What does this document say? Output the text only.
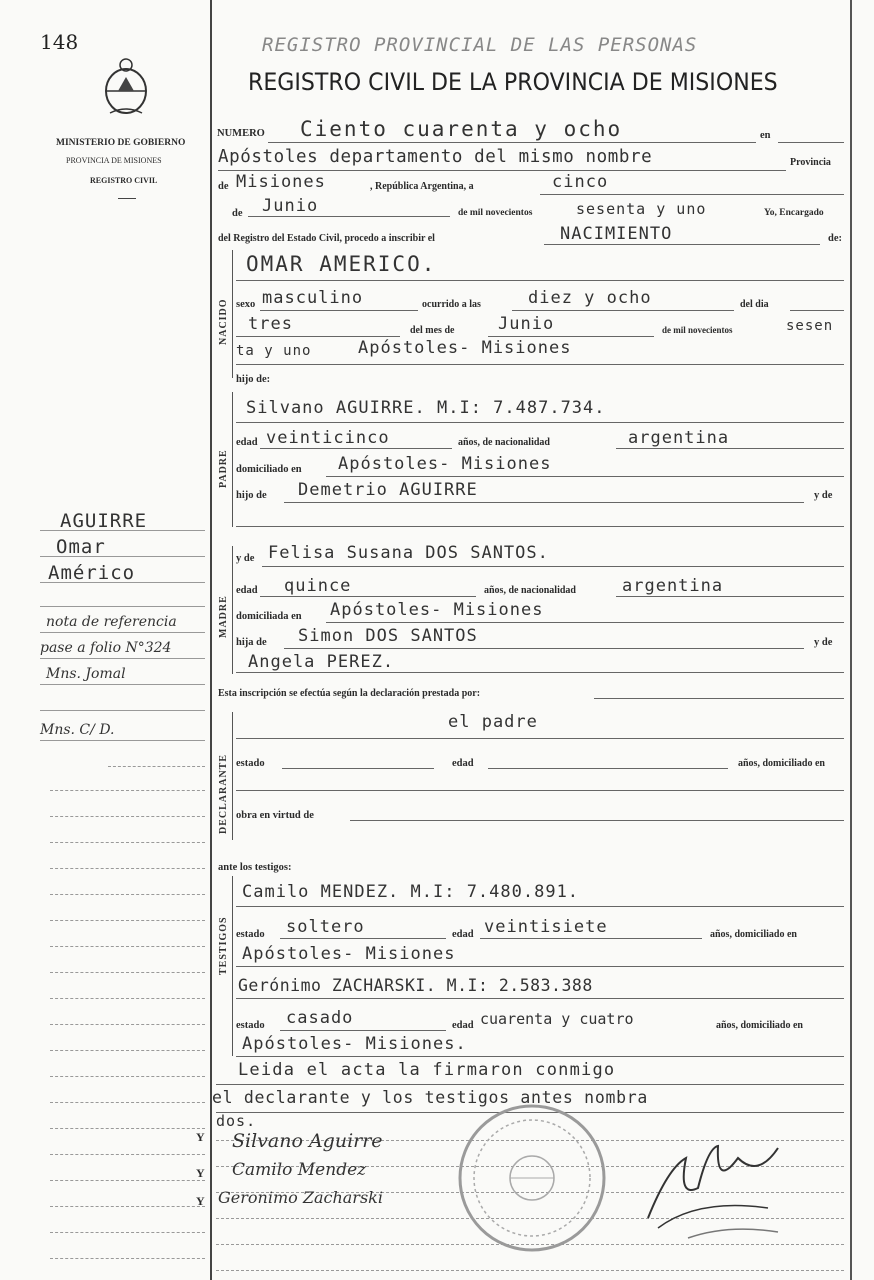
148
MINISTERIO DE GOBIERNO
PROVINCIA DE MISIONES
REGISTRO CIVIL
REGISTRO PROVINCIAL DE LAS PERSONAS
REGISTRO CIVIL DE LA PROVINCIA DE MISIONES
NUMERO Ciento cuarenta y ocho	en
Apóstoles departamento del mismo nombre	Provincia
de Misiones	, República Argentina, a	cinco
de Junio	de mil novecientos	sesenta y uno	Yo, Encargado
del Registro del Estado Civil, procedo a inscribir el	NACIMIENTO	de:
NACIDO
OMAR AMERICO.
sexo masculino	ocurrido a las	diez y ocho	del dia
tres	del mes de	Junio	de mil novecientos	sesen
ta y uno	Apóstoles- Misiones
hijo de:
PADRE
Silvano AGUIRRE. M.I: 7.487.734.
edad veinticinco	años, de nacionalidad	argentina
domiciliado en Apóstoles- Misiones
hijo de Demetrio AGUIRRE	y de
MADRE
y de Felisa Susana DOS SANTOS.
edad quince	años, de nacionalidad	argentina
domiciliada en Apóstoles- Misiones
hija de Simon DOS SANTOS	y de
Angela PEREZ.
Esta inscripción se efectúa según la declaración prestada por:
DECLARANTE
el padre
estado	edad	años, domiciliado en
obra en virtud de
ante los testigos:
TESTIGOS
Camilo MENDEZ. M.I: 7.480.891.
estado soltero	edad veintisiete	años, domiciliado en
Apóstoles- Misiones
Gerónimo ZACHARSKI. M.I: 2.583.388
estado casado	edad cuarenta y cuatro	años, domiciliado en
Apóstoles- Misiones.
Leida el acta la firmaron conmigo
el declarante y los testigos antes nombra
dos.
Y
Y
Y
Silvano Aguirre
Camilo Mendez
Geronimo Zacharski
AGUIRRE
Omar
Américo
nota de referencia
pase a folio N°324
Mns. Jomal
Mns. C/ D.
